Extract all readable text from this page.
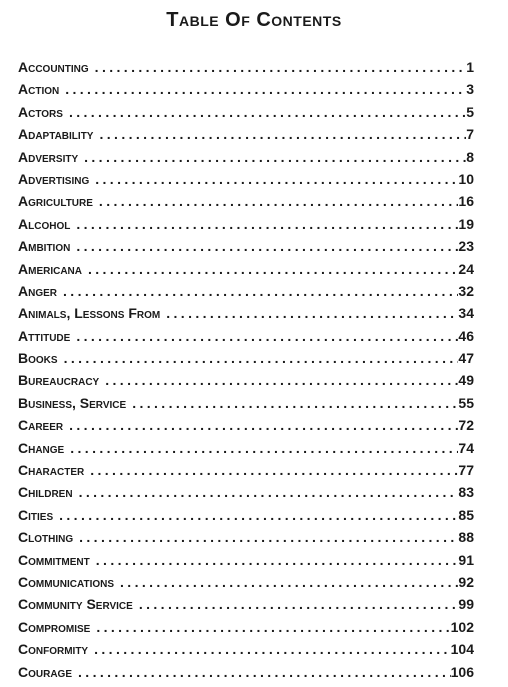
Table Of Contents
Accounting . . .	1
Action . . .	3
Actors . . .	5
Adaptability . . .	7
Adversity . . .	8
Advertising . . .	10
Agriculture . . .	16
Alcohol . . .	19
Ambition . . .	23
Americana . . .	24
Anger . . .	32
Animals, Lessons From . . .	34
Attitude . . .	46
Books . . .	47
Bureaucracy . . .	49
Business, Service . . .	55
Career . . .	72
Change . . .	74
Character . . .	77
Children . . .	83
Cities . . .	85
Clothing . . .	88
Commitment . . .	91
Communications . . .	92
Community Service . . .	99
Compromise . . .	102
Conformity . . .	104
Courage . . .	106
